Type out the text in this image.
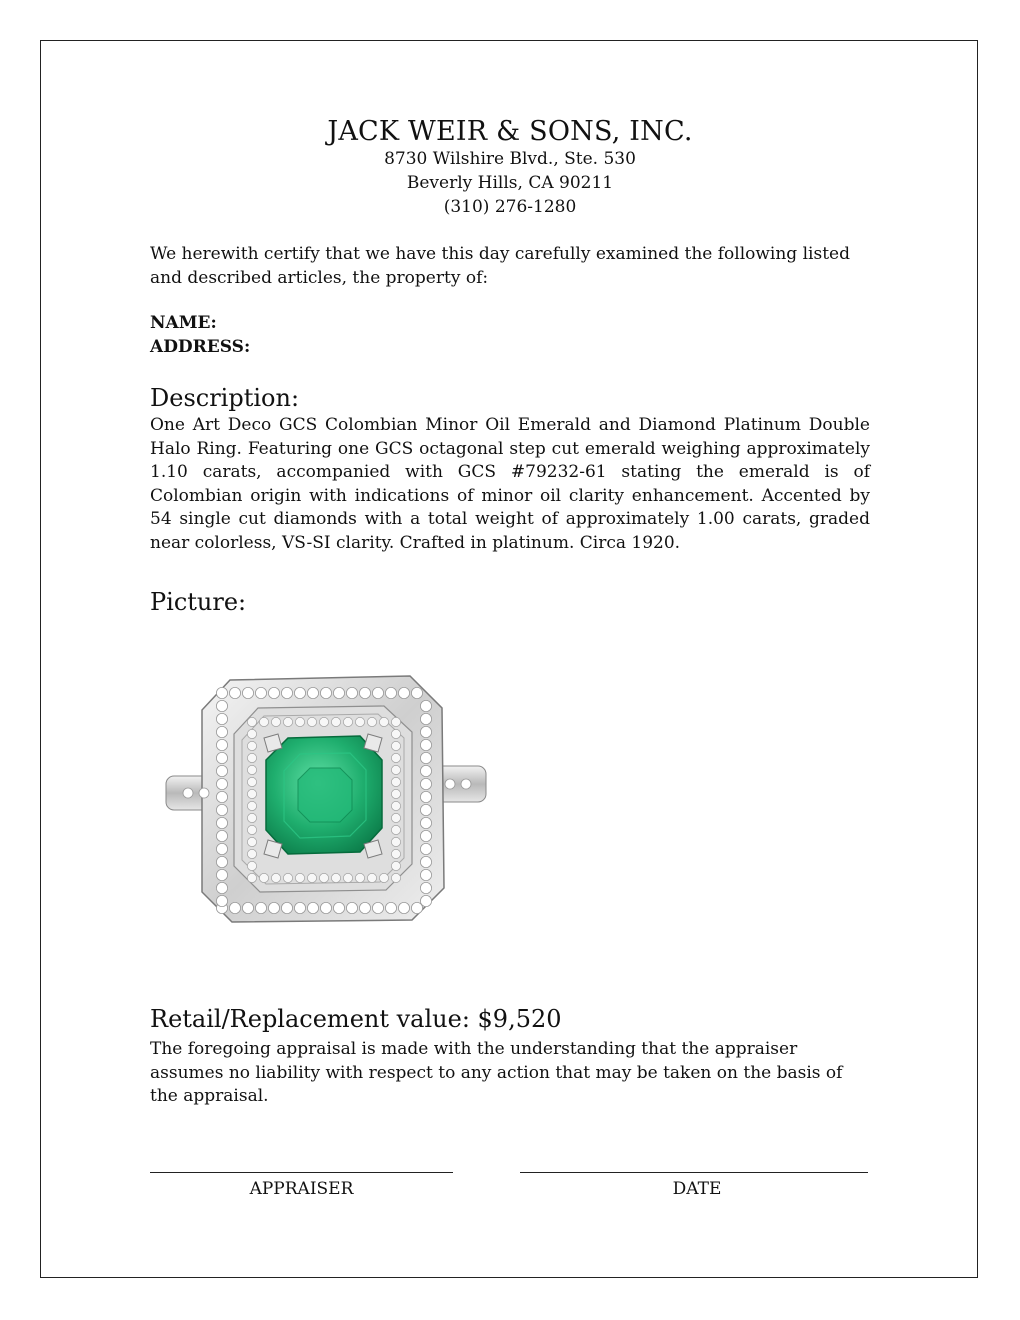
JACK WEIR & SONS, INC.
8730 Wilshire Blvd., Ste. 530
Beverly Hills, CA 90211
(310) 276-1280
We herewith certify that we have this day carefully examined the following listed and described articles, the property of:
NAME:
ADDRESS:
Description:
One Art Deco GCS Colombian Minor Oil Emerald and Diamond Platinum Double Halo Ring. Featuring one GCS octagonal step cut emerald weighing approximately 1.10 carats, accompanied with GCS #79232-61 stating the emerald is of Colombian origin with indications of minor oil clarity enhancement. Accented by 54 single cut diamonds with a total weight of approximately 1.00 carats, graded near colorless, VS-SI clarity. Crafted in platinum. Circa 1920.
Picture:
Retail/Replacement value: $9,520
The foregoing appraisal is made with the understanding that the appraiser assumes no liability with respect to any action that may be taken on the basis of the appraisal.
APPRAISER	DATE
